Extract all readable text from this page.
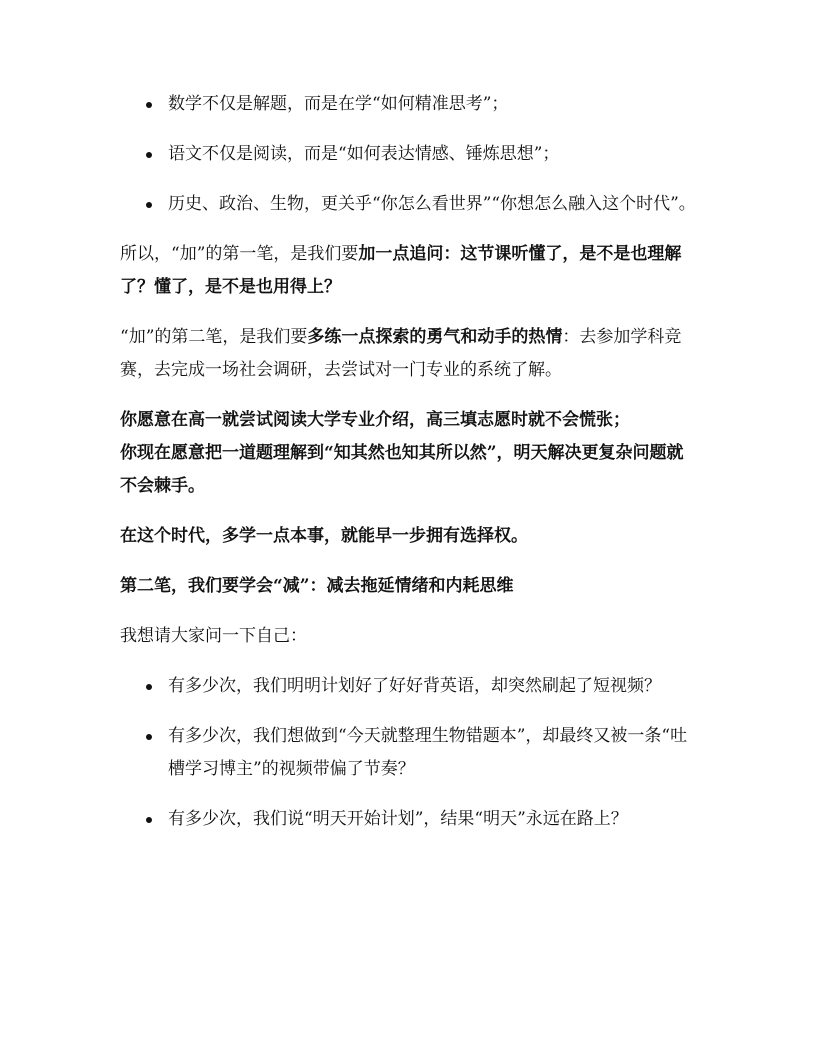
数学不仅是解题，而是在学“如何精准思考”；
语文不仅是阅读，而是“如何表达情感、锤炼思想”；
历史、政治、生物，更关乎“你怎么看世界”“你想怎么融入这个时代”。

所以，“加”的第一笔，是我们要加一点追问：这节课听懂了，是不是也理解了？懂了，是不是也用得上？

“加”的第二笔，是我们要多练一点探索的勇气和动手的热情：去参加学科竞赛，去完成一场社会调研，去尝试对一门专业的系统了解。

你愿意在高一就尝试阅读大学专业介绍，高三填志愿时就不会慌张；
你现在愿意把一道题理解到“知其然也知其所以然”，明天解决更复杂问题就不会棘手。

在这个时代，多学一点本事，就能早一步拥有选择权。

第二笔，我们要学会“减”：减去拖延情绪和内耗思维

我想请大家问一下自己：

有多少次，我们明明计划好了好好背英语，却突然刷起了短视频？
有多少次，我们想做到“今天就整理生物错题本”，却最终又被一条“吐槽学习博主”的视频带偏了节奏？
有多少次，我们说“明天开始计划”，结果“明天”永远在路上？
